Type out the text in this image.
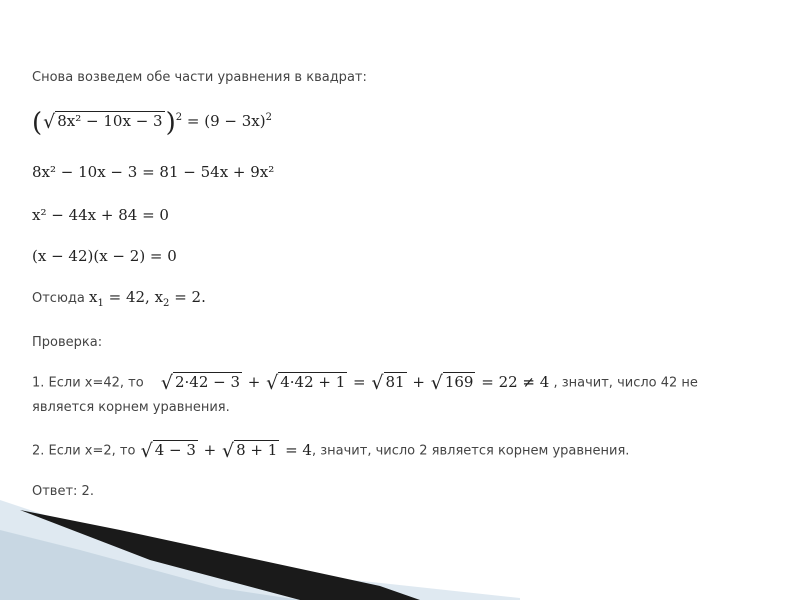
Снова возведем обе части уравнения в квадрат:
(√ 8x² − 10x − 3 )$^2 = (9 - 3x)^2$
8x² − 10x − 3 = 81 − 54x + 9x²
x² − 44x + 84 = 0
(x − 42)(x − 2) = 0
Отсюда $x_1 = 42$, $x_2 = 2$.
Проверка:
1. Если x=42, то √ 2·42 − 3 + √ 4·42 + 1 = √ 81 + √ 169 = 22 ≠ 4 , значит, число 42 не
является корнем уравнения.
2. Если x=2, то √ 4 − 3 + √ 8 + 1 = 4, значит, число 2 является корнем уравнения.
Ответ: 2.
